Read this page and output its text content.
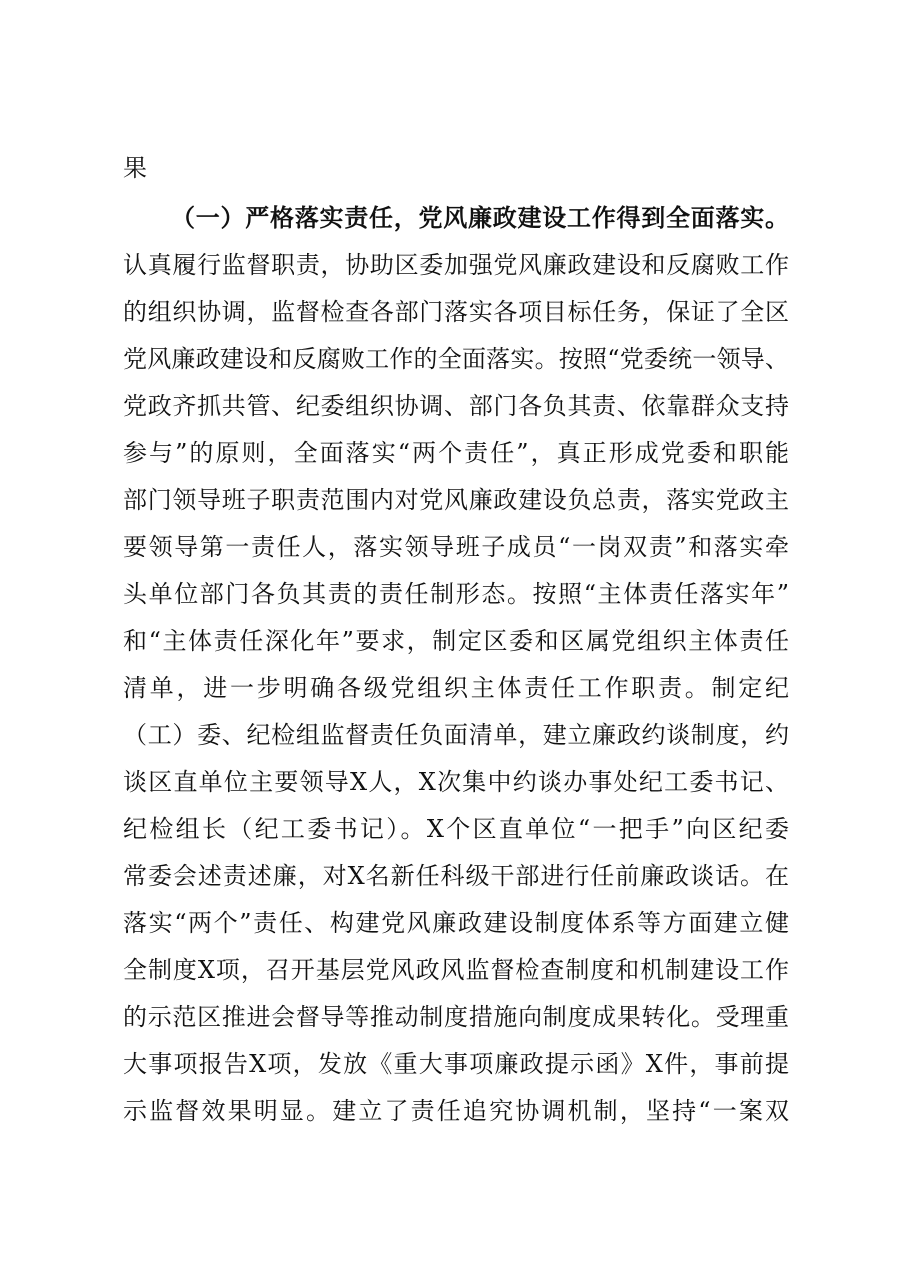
果
（一）严格落实责任，党风廉政建设工作得到全面落实。
认真履行监督职责，协助区委加强党风廉政建设和反腐败工作
的组织协调，监督检查各部门落实各项目标任务，保证了全区
党风廉政建设和反腐败工作的全面落实。按照“党委统一领导、
党政齐抓共管、纪委组织协调、部门各负其责、依靠群众支持
参与”的原则，全面落实“两个责任”，真正形成党委和职能
部门领导班子职责范围内对党风廉政建设负总责，落实党政主
要领导第一责任人，落实领导班子成员“一岗双责”和落实牵
头单位部门各负其责的责任制形态。按照“主体责任落实年”
和“主体责任深化年”要求，制定区委和区属党组织主体责任
清单，进一步明确各级党组织主体责任工作职责。制定纪
（工）委、纪检组监督责任负面清单，建立廉政约谈制度，约
谈区直单位主要领导X人，X次集中约谈办事处纪工委书记、
纪检组长（纪工委书记）。X个区直单位“一把手”向区纪委
常委会述责述廉，对X名新任科级干部进行任前廉政谈话。在
落实“两个”责任、构建党风廉政建设制度体系等方面建立健
全制度X项，召开基层党风政风监督检查制度和机制建设工作
的示范区推进会督导等推动制度措施向制度成果转化。受理重
大事项报告X项，发放《重大事项廉政提示函》X件，事前提
示监督效果明显。建立了责任追究协调机制，坚持“一案双
